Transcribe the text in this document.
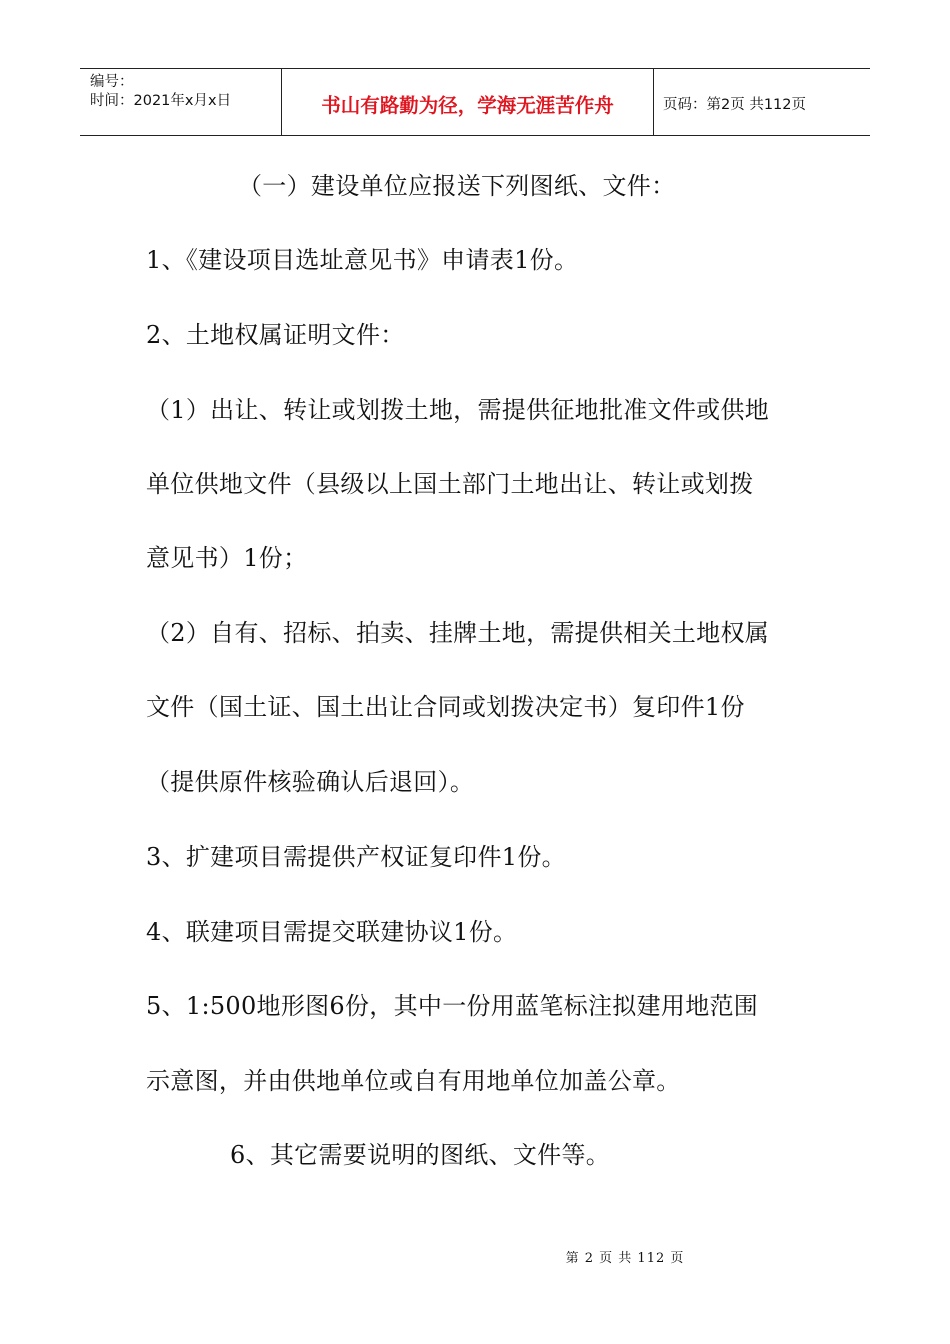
编号：
时间：2021年x月x日	书山有路勤为径，学海无涯苦作舟	页码：第2页 共112页
（一）建设单位应报送下列图纸、文件：
1、《建设项目选址意见书》申请表1份。
2、土地权属证明文件：
（1）出让、转让或划拨土地，需提供征地批准文件或供地
单位供地文件（县级以上国土部门土地出让、转让或划拨
意见书）1份；
（2）自有、招标、拍卖、挂牌土地，需提供相关土地权属
文件（国土证、国土出让合同或划拨决定书）复印件1份
（提供原件核验确认后退回）。
3、扩建项目需提供产权证复印件1份。
4、联建项目需提交联建协议1份。
5、1:500地形图6份，其中一份用蓝笔标注拟建用地范围
示意图，并由供地单位或自有用地单位加盖公章。
6、其它需要说明的图纸、文件等。
第 2 页 共 112 页
